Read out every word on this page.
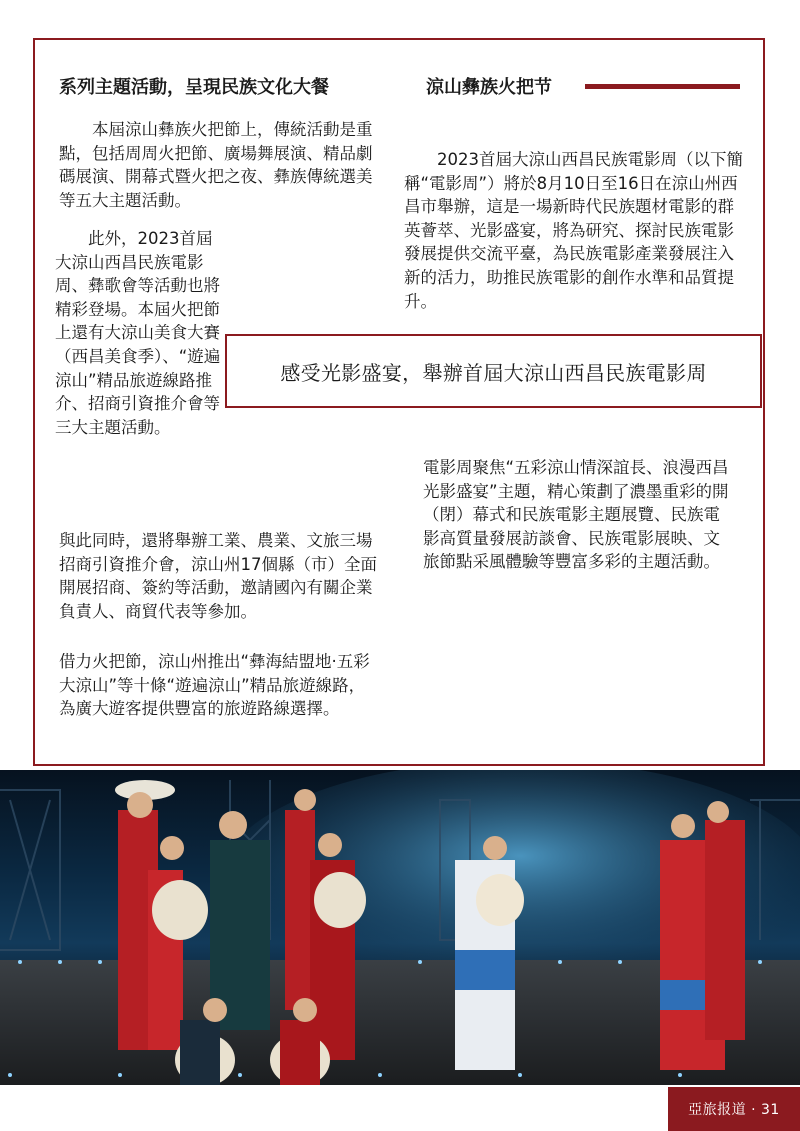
系列主題活動，呈現民族文化大餐

　　本屆涼山彝族火把節上，傳統活動是重點，包括周周火把節、廣場舞展演、精品劇碼展演、開幕式暨火把之夜、彝族傳統選美等五大主題活動。

　　此外，2023首屆大涼山西昌民族電影周、彝歌會等活動也將精彩登場。本屆火把節上還有大涼山美食大賽（西昌美食季）、“遊遍涼山”精品旅遊線路推介、招商引資推介會等三大主題活動。

與此同時，還將舉辦工業、農業、文旅三場招商引資推介會，涼山州17個縣（市）全面開展招商、簽約等活動，邀請國內有關企業負責人、商貿代表等參加。

借力火把節，涼山州推出“彝海結盟地·五彩大涼山”等十條“遊遍涼山”精品旅遊線路，為廣大遊客提供豐富的旅遊路線選擇。

涼山彝族火把节

　　2023首屆大涼山西昌民族電影周（以下簡稱“電影周”）將於8月10日至16日在涼山州西昌市舉辦，這是一場新時代民族題材電影的群英薈萃、光影盛宴，將為研究、探討民族電影發展提供交流平臺，為民族電影產業發展注入新的活力，助推民族電影的創作水準和品質提升。

感受光影盛宴，舉辦首屆大涼山西昌民族電影周

電影周聚焦“五彩涼山情深誼長、浪漫西昌光影盛宴”主題，精心策劃了濃墨重彩的開（閉）幕式和民族電影主題展覽、民族電影高質量發展訪談會、民族電影展映、文旅節點采風體驗等豐富多彩的主題活動。

亞旅报道 · 31
